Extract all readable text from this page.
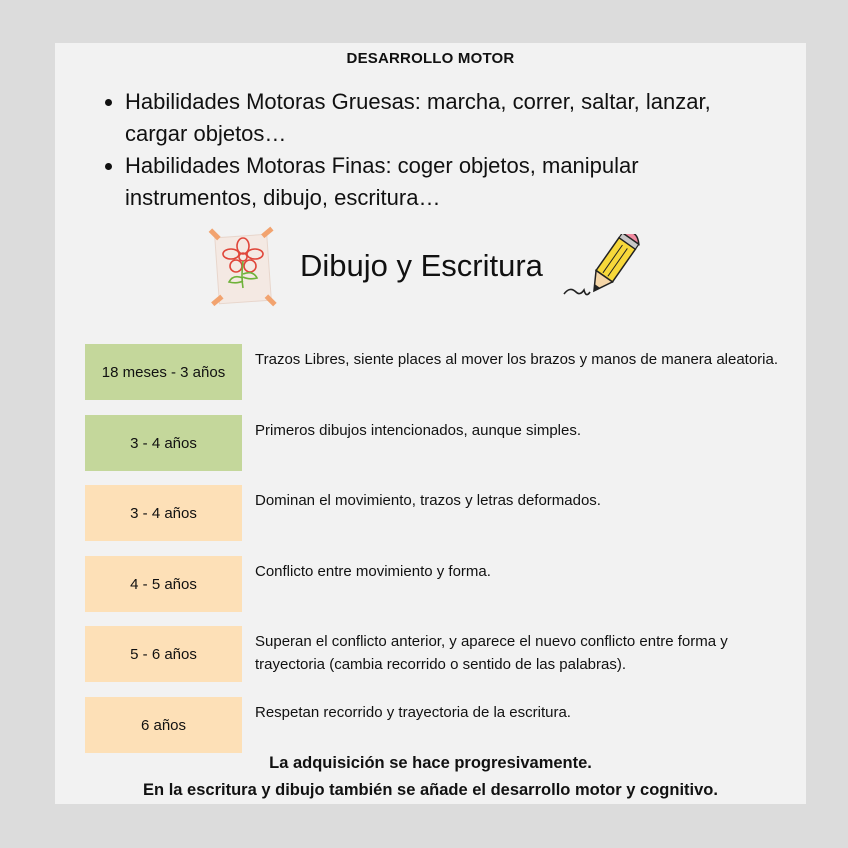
DESARROLLO MOTOR
• Habilidades Motoras Gruesas: marcha, correr, saltar, lanzar, cargar objetos…
• Habilidades Motoras Finas: coger objetos, manipular instrumentos, dibujo, escritura…
Dibujo y Escritura
18 meses - 3 años
Trazos Libres, siente places al mover los brazos y manos de manera aleatoria.
3 - 4 años
Primeros dibujos intencionados, aunque simples.
3 - 4 años
Dominan el movimiento, trazos y letras deformados.
4 - 5 años
Conflicto entre movimiento y forma.
5 - 6 años
Superan el conflicto anterior, y aparece el nuevo conflicto entre forma y trayectoria (cambia recorrido o sentido de las palabras).
6 años
Respetan recorrido y trayectoria de la escritura.
La adquisición se hace progresivamente.
En la escritura y dibujo también se añade el desarrollo motor y cognitivo.
